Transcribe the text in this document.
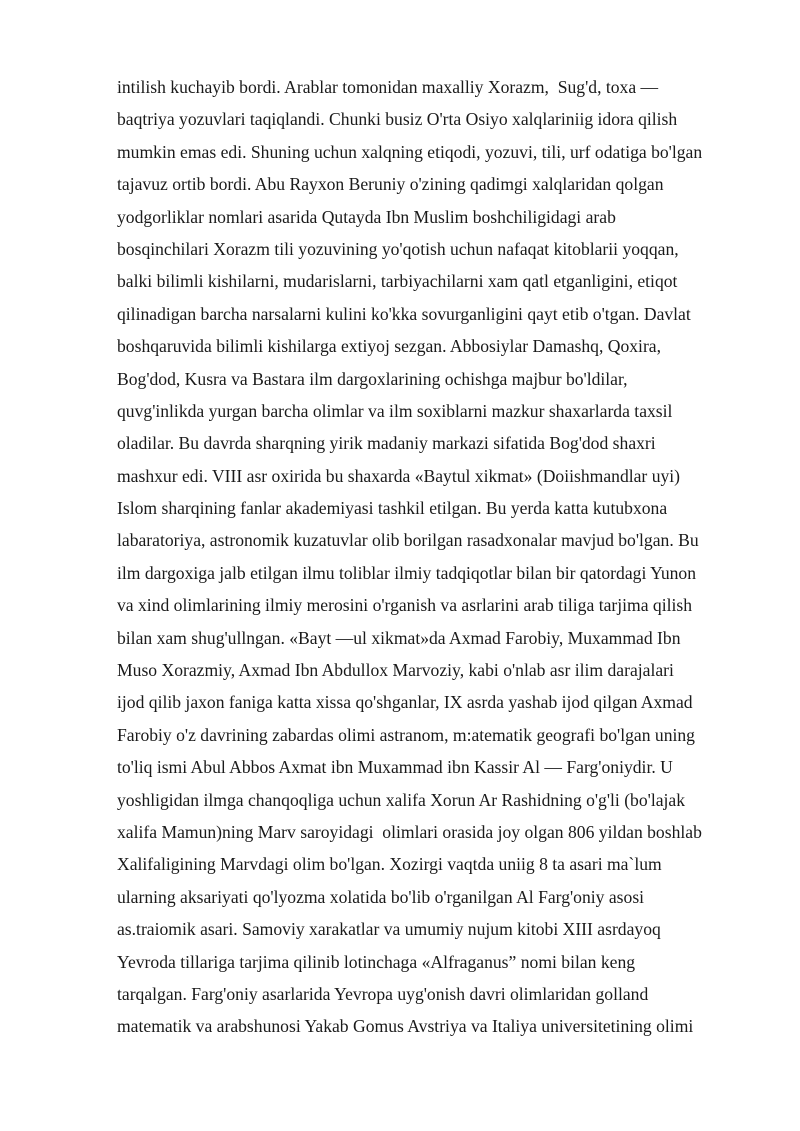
intilish kuchayib bordi. Arablar tomonidan maxalliy Xorazm,  Sug'd, toxa —
baqtriya yozuvlari taqiqlandi. Chunki busiz O'rta Osiyo xalqlariniig idora qilish
mumkin emas edi. Shuning uchun xalqning etiqodi, yozuvi, tili, urf odatiga bo'lgan
tajavuz ortib bordi. Abu Rayxon Beruniy o'zining qadimgi xalqlaridan qolgan
yodgorliklar nomlari asarida Qutayda Ibn Muslim boshchiligidagi arab
bosqinchilari Xorazm tili yozuvining yo'qotish uchun nafaqat kitoblarii yoqqan,
balki bilimli kishilarni, mudarislarni, tarbiyachilarni xam qatl etganligini, etiqot
qilinadigan barcha narsalarni kulini ko'kka sovurganligini qayt etib o'tgan. Davlat
boshqaruvida bilimli kishilarga extiyoj sezgan. Abbosiylar Damashq, Qoxira,
Bog'dod, Kusra va Bastara ilm dargoxlarining ochishga majbur bo'ldilar,
quvg'inlikda yurgan barcha olimlar va ilm soxiblarni mazkur shaxarlarda taxsil
oladilar. Bu davrda sharqning yirik madaniy markazi sifatida Bog'dod shaxri
mashxur edi. VIII asr oxirida bu shaxarda «Baytul xikmat» (Doiishmandlar uyi)
Islom sharqining fanlar akademiyasi tashkil etilgan. Bu yerda katta kutubxona
labaratoriya, astronomik kuzatuvlar olib borilgan rasadxonalar mavjud bo'lgan. Bu
ilm dargoxiga jalb etilgan ilmu toliblar ilmiy tadqiqotlar bilan bir qatordagi Yunon
va xind olimlarining ilmiy merosini o'rganish va asrlarini arab tiliga tarjima qilish
bilan xam shug'ullngan. «Bayt —ul xikmat»da Axmad Farobiy, Muxammad Ibn
Muso Xorazmiy, Axmad Ibn Abdullox Marvoziy, kabi o'nlab asr ilim darajalari
ijod qilib jaxon faniga katta xissa qo'shganlar, IX asrda yashab ijod qilgan Axmad
Farobiy o'z davrining zabardas olimi astranom, m:atematik geografi bo'lgan uning
to'liq ismi Abul Abbos Axmat ibn Muxammad ibn Kassir Al — Farg'oniydir. U
yoshligidan ilmga chanqoqliga uchun xalifa Xorun Ar Rashidning o'g'li (bo'lajak
xalifa Mamun)ning Marv saroyidagi  olimlari orasida joy olgan 806 yildan boshlab
Xalifaligining Marvdagi olim bo'lgan. Xozirgi vaqtda uniig 8 ta asari ma`lum
ularning aksariyati qo'lyozma xolatida bo'lib o'rganilgan Al Farg'oniy asosi
as.traiomik asari. Samoviy xarakatlar va umumiy nujum kitobi XIII asrdayoq
Yevroda tillariga tarjima qilinib lotinchaga «Alfraganus” nomi bilan keng
tarqalgan. Farg'oniy asarlarida Yevropa uyg'onish davri olimlaridan golland
matematik va arabshunosi Yakab Gomus Avstriya va Italiya universitetining olimi
